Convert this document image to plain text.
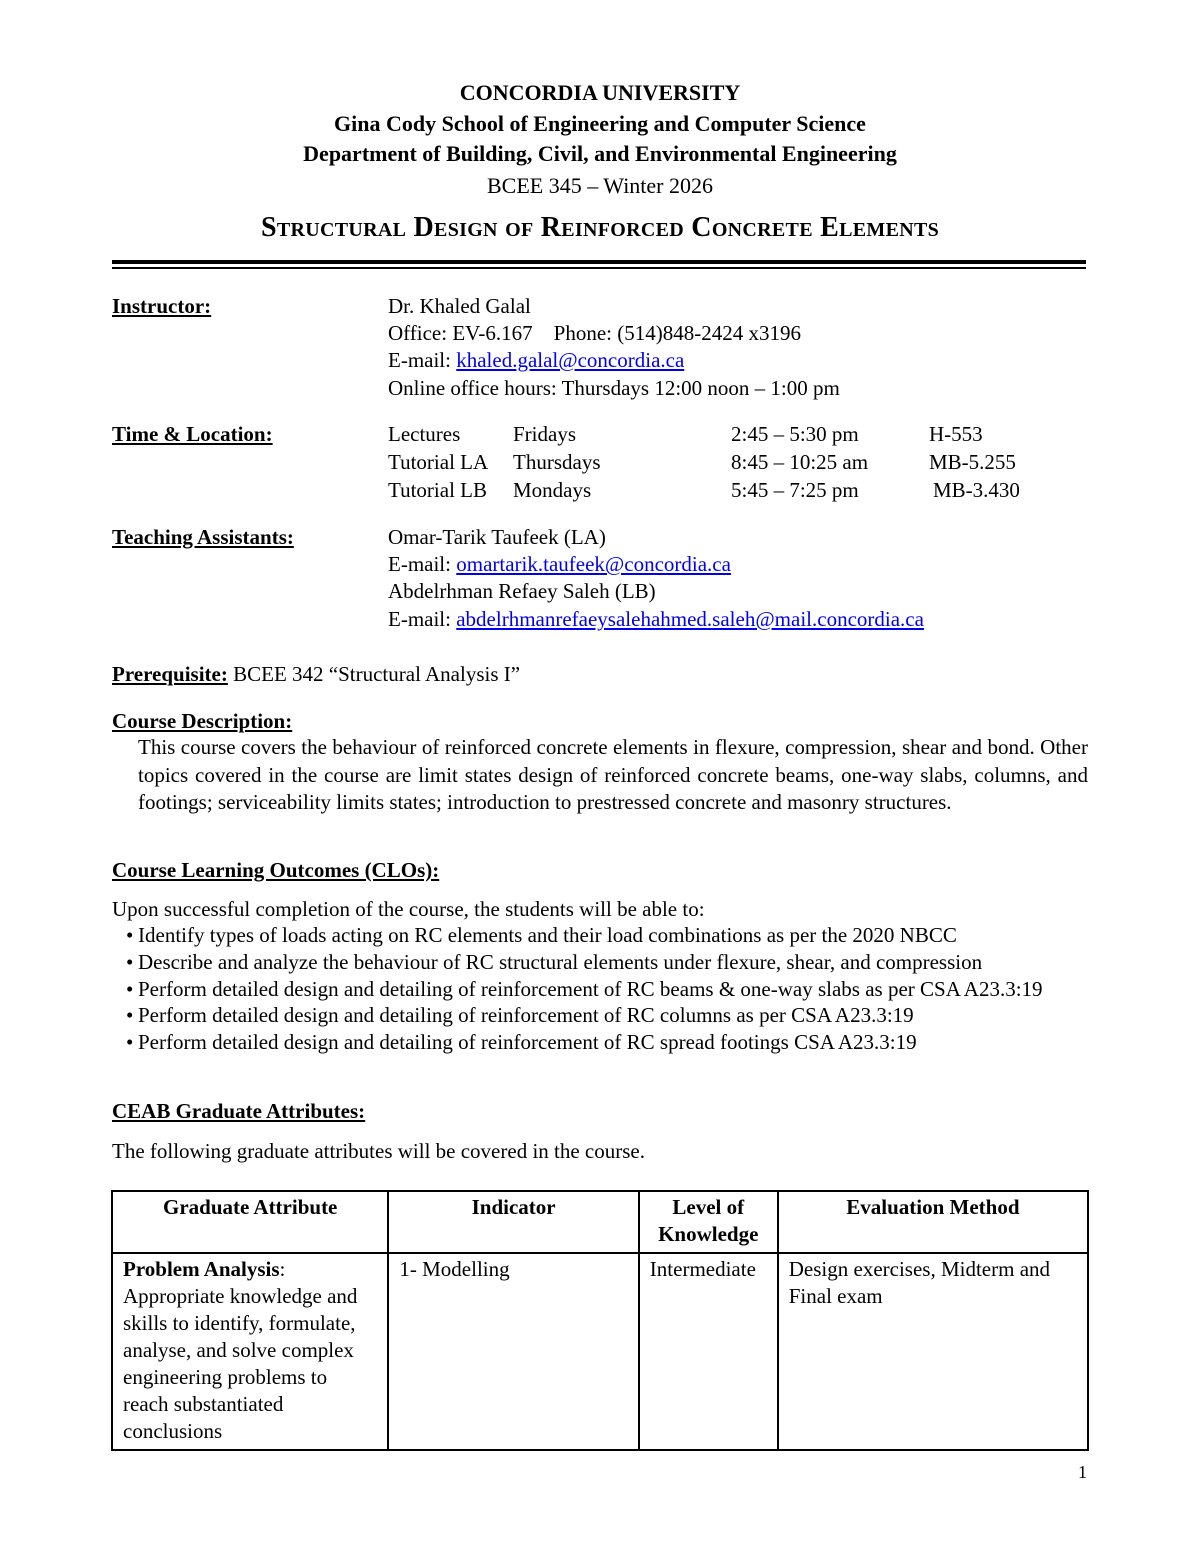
CONCORDIA UNIVERSITY
Gina Cody School of Engineering and Computer Science
Department of Building, Civil, and Environmental Engineering
BCEE 345 – Winter 2026
Structural Design of Reinforced Concrete Elements
Instructor:	Dr. Khaled Galal
Office: EV-6.167    Phone: (514)848-2424 x3196
E-mail: khaled.galal@concordia.ca
Online office hours: Thursdays 12:00 noon – 1:00 pm
Time & Location:	Lectures	Fridays	2:45 – 5:30 pm	H-553
Tutorial LA Thursdays	8:45 – 10:25 am	MB-5.255
Tutorial LB Mondays	5:45 – 7:25 pm	MB-3.430
Teaching Assistants:	Omar-Tarik Taufeek (LA)
E-mail: omartarik.taufeek@concordia.ca
Abdelrhman Refaey Saleh (LB)
E-mail: abdelrhmanrefaeysalehahmed.saleh@mail.concordia.ca
Prerequisite: BCEE 342 “Structural Analysis I”
Course Description:
This course covers the behaviour of reinforced concrete elements in flexure, compression, shear and bond. Other topics covered in the course are limit states design of reinforced concrete beams, one-way slabs, columns, and footings; serviceability limits states; introduction to prestressed concrete and masonry structures.
Course Learning Outcomes (CLOs):
Upon successful completion of the course, the students will be able to:
• Identify types of loads acting on RC elements and their load combinations as per the 2020 NBCC
• Describe and analyze the behaviour of RC structural elements under flexure, shear, and compression
• Perform detailed design and detailing of reinforcement of RC beams & one-way slabs as per CSA A23.3:19
• Perform detailed design and detailing of reinforcement of RC columns as per CSA A23.3:19
• Perform detailed design and detailing of reinforcement of RC spread footings CSA A23.3:19
CEAB Graduate Attributes:
The following graduate attributes will be covered in the course.
Graduate Attribute	Indicator	Level of Knowledge	Evaluation Method
Problem Analysis:
Appropriate knowledge and skills to identify, formulate, analyse, and solve complex engineering problems to reach substantiated conclusions	1- Modelling	Intermediate	Design exercises, Midterm and Final exam
1
